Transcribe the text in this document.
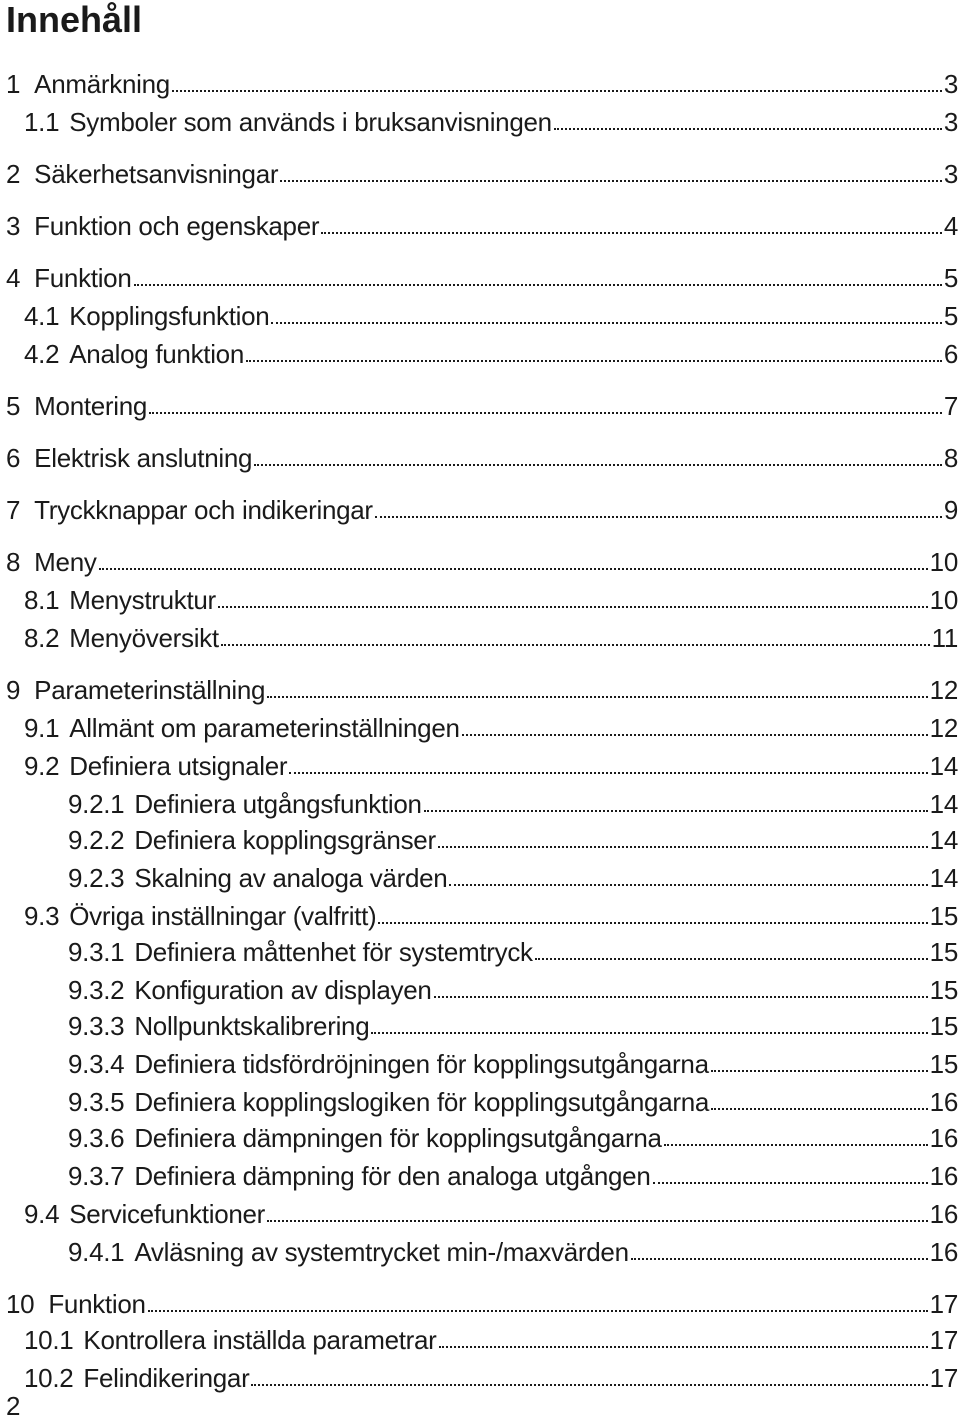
Innehåll
1 Anmärkning	3
1.1 Symboler som används i bruksanvisningen	3
2 Säkerhetsanvisningar	3
3 Funktion och egenskaper	4
4 Funktion	5
4.1 Kopplingsfunktion	5
4.2 Analog funktion	6
5 Montering	7
6 Elektrisk anslutning	8
7 Tryckknappar och indikeringar	9
8 Meny	10
8.1 Menystruktur	10
8.2 Menyöversikt	11
9 Parameterinställning	12
9.1 Allmänt om parameterinställningen	12
9.2 Definiera utsignaler	14
9.2.1 Definiera utgångsfunktion	14
9.2.2 Definiera kopplingsgränser	14
9.2.3 Skalning av analoga värden	14
9.3 Övriga inställningar (valfritt)	15
9.3.1 Definiera måttenhet för systemtryck	15
9.3.2 Konfiguration av displayen	15
9.3.3 Nollpunktskalibrering	15
9.3.4 Definiera tidsfördröjningen för kopplingsutgångarna	15
9.3.5 Definiera kopplingslogiken för kopplingsutgångarna	16
9.3.6 Definiera dämpningen för kopplingsutgångarna	16
9.3.7 Definiera dämpning för den analoga utgången	16
9.4 Servicefunktioner	16
9.4.1 Avläsning av systemtrycket min-/maxvärden	16
10 Funktion	17
10.1 Kontrollera inställda parametrar	17
10.2 Felindikeringar	17
2
